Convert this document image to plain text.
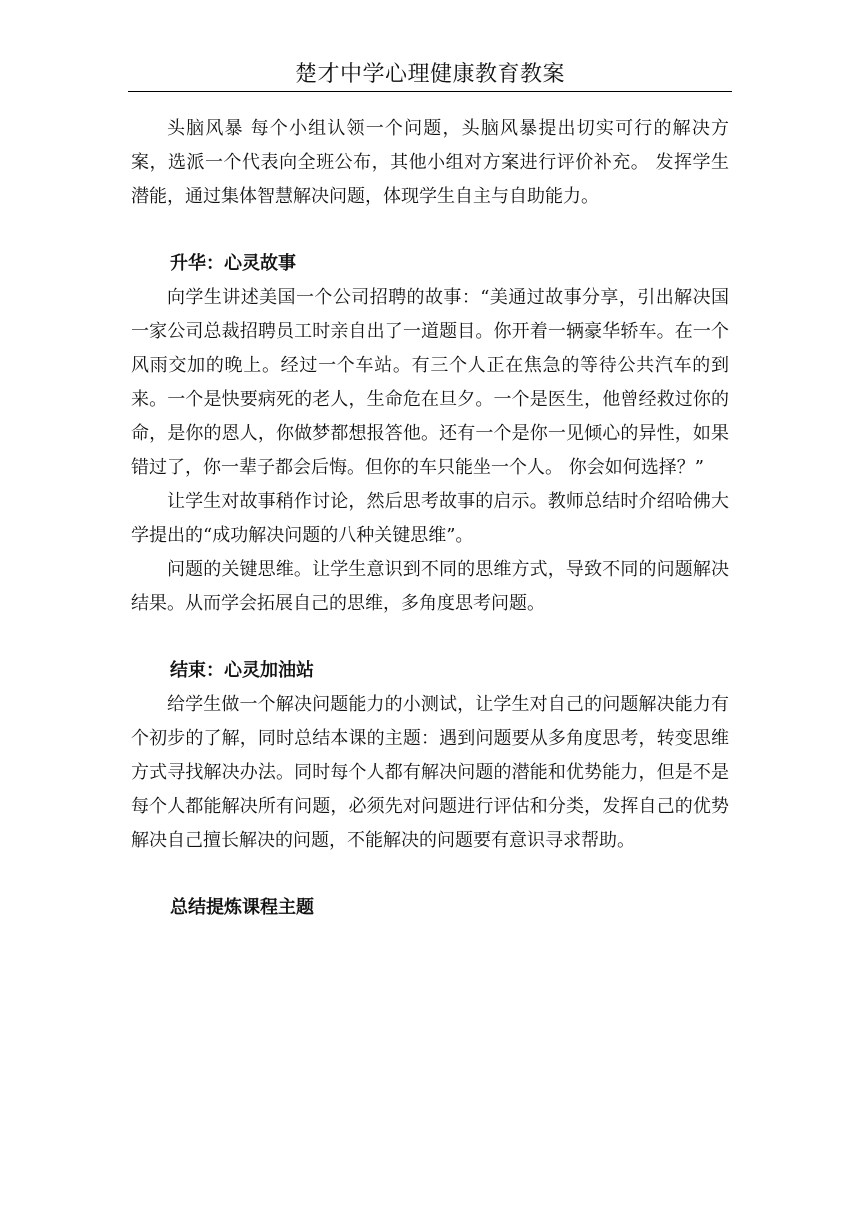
楚才中学心理健康教育教案

头脑风暴 每个小组认领一个问题，头脑风暴提出切实可行的解决方案，选派一个代表向全班公布，其他小组对方案进行评价补充。 发挥学生潜能，通过集体智慧解决问题，体现学生自主与自助能力。

升华：心灵故事

向学生讲述美国一个公司招聘的故事：“美通过故事分享，引出解决国一家公司总裁招聘员工时亲自出了一道题目。你开着一辆豪华轿车。在一个风雨交加的晚上。经过一个车站。有三个人正在焦急的等待公共汽车的到来。一个是快要病死的老人，生命危在旦夕。一个是医生，他曾经救过你的命，是你的恩人，你做梦都想报答他。还有一个是你一见倾心的异性，如果错过了，你一辈子都会后悔。但你的车只能坐一个人。 你会如何选择？”

让学生对故事稍作讨论，然后思考故事的启示。教师总结时介绍哈佛大学提出的“成功解决问题的八种关键思维”。

问题的关键思维。让学生意识到不同的思维方式，导致不同的问题解决结果。从而学会拓展自己的思维，多角度思考问题。

结束：心灵加油站

给学生做一个解决问题能力的小测试，让学生对自己的问题解决能力有个初步的了解，同时总结本课的主题：遇到问题要从多角度思考，转变思维方式寻找解决办法。同时每个人都有解决问题的潜能和优势能力，但是不是每个人都能解决所有问题，必须先对问题进行评估和分类，发挥自己的优势解决自己擅长解决的问题，不能解决的问题要有意识寻求帮助。

总结提炼课程主题
